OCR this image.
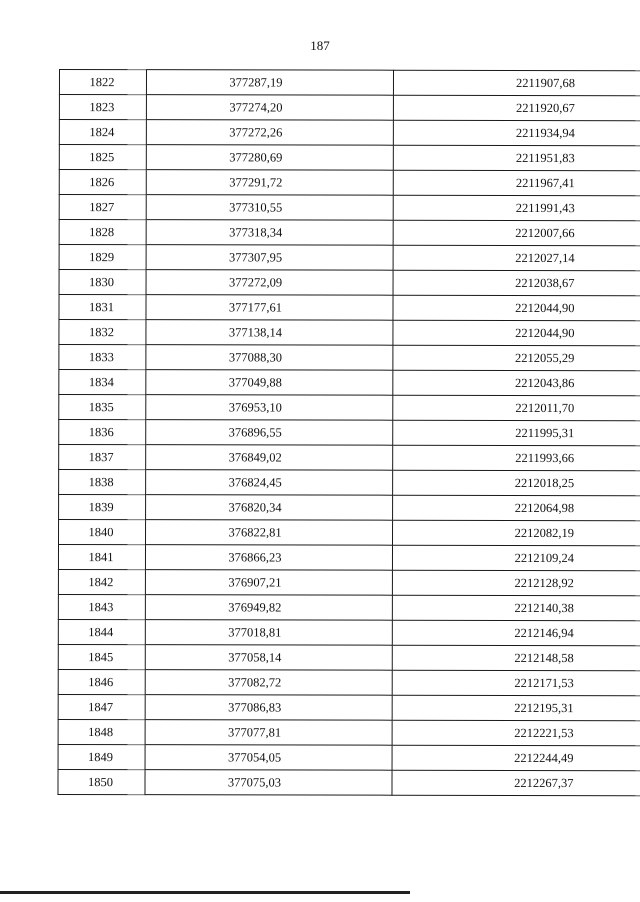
187
1822	377287,19	2211907,68
1823	377274,20	2211920,67
1824	377272,26	2211934,94
1825	377280,69	2211951,83
1826	377291,72	2211967,41
1827	377310,55	2211991,43
1828	377318,34	2212007,66
1829	377307,95	2212027,14
1830	377272,09	2212038,67
1831	377177,61	2212044,90
1832	377138,14	2212044,90
1833	377088,30	2212055,29
1834	377049,88	2212043,86
1835	376953,10	2212011,70
1836	376896,55	2211995,31
1837	376849,02	2211993,66
1838	376824,45	2212018,25
1839	376820,34	2212064,98
1840	376822,81	2212082,19
1841	376866,23	2212109,24
1842	376907,21	2212128,92
1843	376949,82	2212140,38
1844	377018,81	2212146,94
1845	377058,14	2212148,58
1846	377082,72	2212171,53
1847	377086,83	2212195,31
1848	377077,81	2212221,53
1849	377054,05	2212244,49
1850	377075,03	2212267,37
